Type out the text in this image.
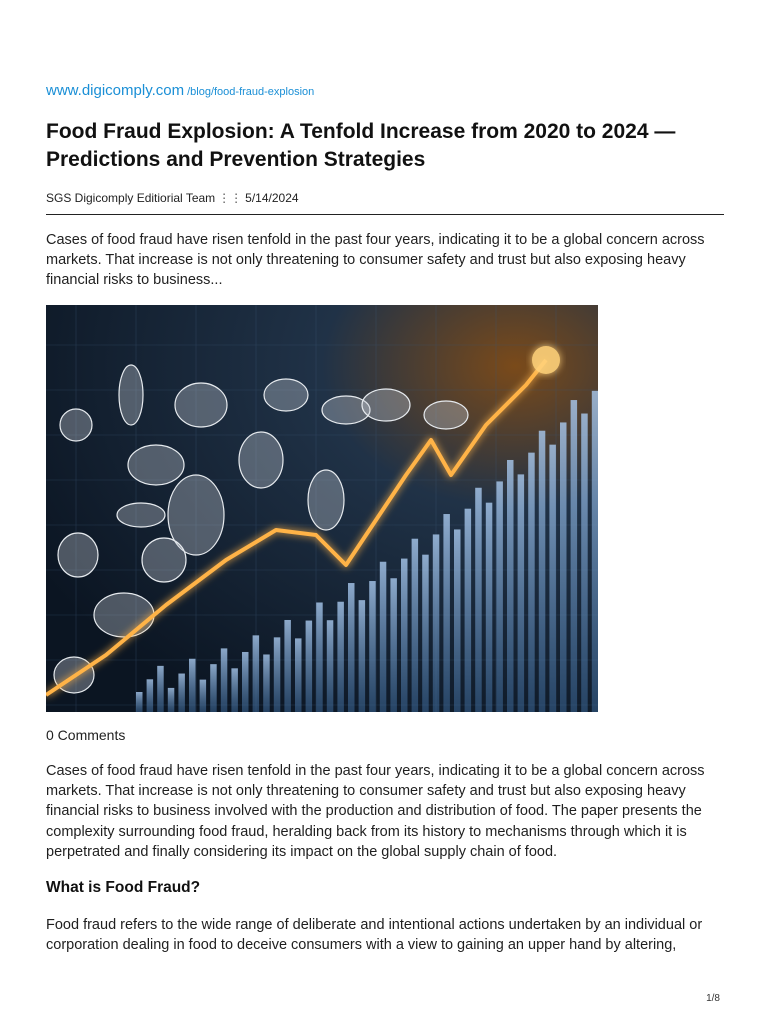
www.digicomply.com /blog/food-fraud-explosion
Food Fraud Explosion: A Tenfold Increase from 2020 to 2024 — Predictions and Prevention Strategies
SGS Digicomply Editiorial Team ⋮⋮ 5/14/2024

Cases of food fraud have risen tenfold in the past four years, indicating it to be a global concern across markets. That increase is not only threatening to consumer safety and trust but also exposing heavy financial risks to business...

0 Comments

Cases of food fraud have risen tenfold in the past four years, indicating it to be a global concern across markets. That increase is not only threatening to consumer safety and trust but also exposing heavy financial risks to business involved with the production and distribution of food. The paper presents the complexity surrounding food fraud, heralding back from its history to mechanisms through which it is perpetrated and finally considering its impact on the global supply chain of food.

What is Food Fraud?

Food fraud refers to the wide range of deliberate and intentional actions undertaken by an individual or corporation dealing in food to deceive consumers with a view to gaining an upper hand by altering,

1/8
